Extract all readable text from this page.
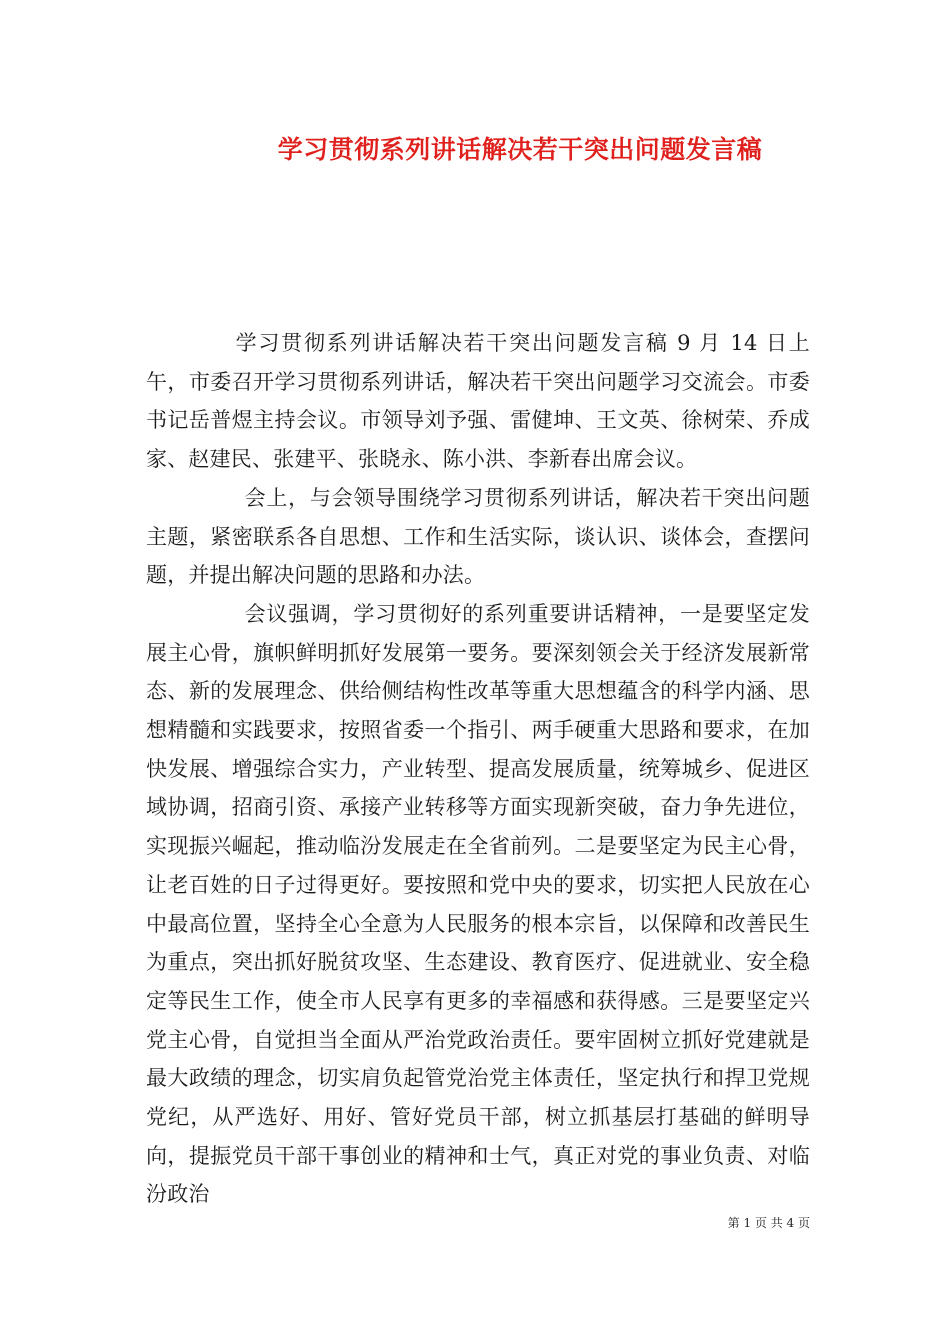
学习贯彻系列讲话解决若干突出问题发言稿

学习贯彻系列讲话解决若干突出问题发言稿 9 月 14 日上午，市委召开学习贯彻系列讲话，解决若干突出问题学习交流会。市委书记岳普煜主持会议。市领导刘予强、雷健坤、王文英、徐树荣、乔成家、赵建民、张建平、张晓永、陈小洪、李新春出席会议。

会上，与会领导围绕学习贯彻系列讲话，解决若干突出问题主题，紧密联系各自思想、工作和生活实际，谈认识、谈体会，查摆问题，并提出解决问题的思路和办法。

会议强调，学习贯彻好的系列重要讲话精神，一是要坚定发展主心骨，旗帜鲜明抓好发展第一要务。要深刻领会关于经济发展新常态、新的发展理念、供给侧结构性改革等重大思想蕴含的科学内涵、思想精髓和实践要求，按照省委一个指引、两手硬重大思路和要求，在加快发展、增强综合实力，产业转型、提高发展质量，统筹城乡、促进区域协调，招商引资、承接产业转移等方面实现新突破，奋力争先进位，实现振兴崛起，推动临汾发展走在全省前列。二是要坚定为民主心骨，让老百姓的日子过得更好。要按照和党中央的要求，切实把人民放在心中最高位置，坚持全心全意为人民服务的根本宗旨，以保障和改善民生为重点，突出抓好脱贫攻坚、生态建设、教育医疗、促进就业、安全稳定等民生工作，使全市人民享有更多的幸福感和获得感。三是要坚定兴党主心骨，自觉担当全面从严治党政治责任。要牢固树立抓好党建就是最大政绩的理念，切实肩负起管党治党主体责任，坚定执行和捍卫党规党纪，从严选好、用好、管好党员干部，树立抓基层打基础的鲜明导向，提振党员干部干事创业的精神和士气，真正对党的事业负责、对临汾政治

第 1 页 共 4 页
